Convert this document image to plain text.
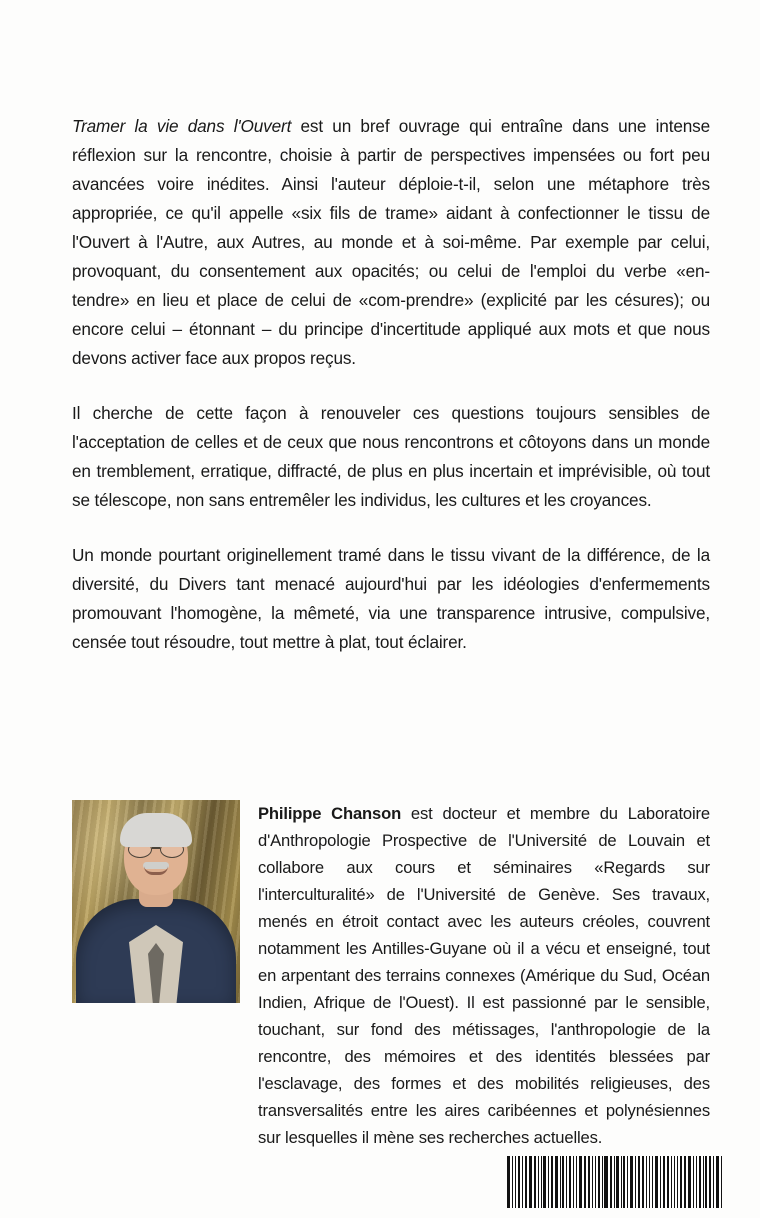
Tramer la vie dans l'Ouvert est un bref ouvrage qui entraîne dans une intense réflexion sur la rencontre, choisie à partir de perspectives impensées ou fort peu avancées voire inédites. Ainsi l'auteur déploie-t-il, selon une métaphore très appropriée, ce qu'il appelle «six fils de trame» aidant à confectionner le tissu de l'Ouvert à l'Autre, aux Autres, au monde et à soi-même. Par exemple par celui, provoquant, du consentement aux opacités; ou celui de l'emploi du verbe «en-tendre» en lieu et place de celui de «com-prendre» (explicité par les césures); ou encore celui – étonnant – du principe d'incertitude appliqué aux mots et que nous devons activer face aux propos reçus.

Il cherche de cette façon à renouveler ces questions toujours sensibles de l'acceptation de celles et de ceux que nous rencontrons et côtoyons dans un monde en tremblement, erratique, diffracté, de plus en plus incertain et imprévisible, où tout se télescope, non sans entremêler les individus, les cultures et les croyances.

Un monde pourtant originellement tramé dans le tissu vivant de la différence, de la diversité, du Divers tant menacé aujourd'hui par les idéologies d'enfermements promouvant l'homogène, la mêmeté, via une transparence intrusive, compulsive, censée tout résoudre, tout mettre à plat, tout éclairer.

Philippe Chanson est docteur et membre du Laboratoire d'Anthropologie Prospective de l'Université de Louvain et collabore aux cours et séminaires «Regards sur l'interculturalité» de l'Université de Genève. Ses travaux, menés en étroit contact avec les auteurs créoles, couvrent notamment les Antilles-Guyane où il a vécu et enseigné, tout en arpentant des terrains connexes (Amérique du Sud, Océan Indien, Afrique de l'Ouest). Il est passionné par le sensible, touchant, sur fond des métissages, l'anthropologie de la rencontre, des mémoires et des identités blessées par l'esclavage, des formes et des mobilités religieuses, des transversalités entre les aires caribéennes et polynésiennes sur lesquelles il mène ses recherches actuelles.
